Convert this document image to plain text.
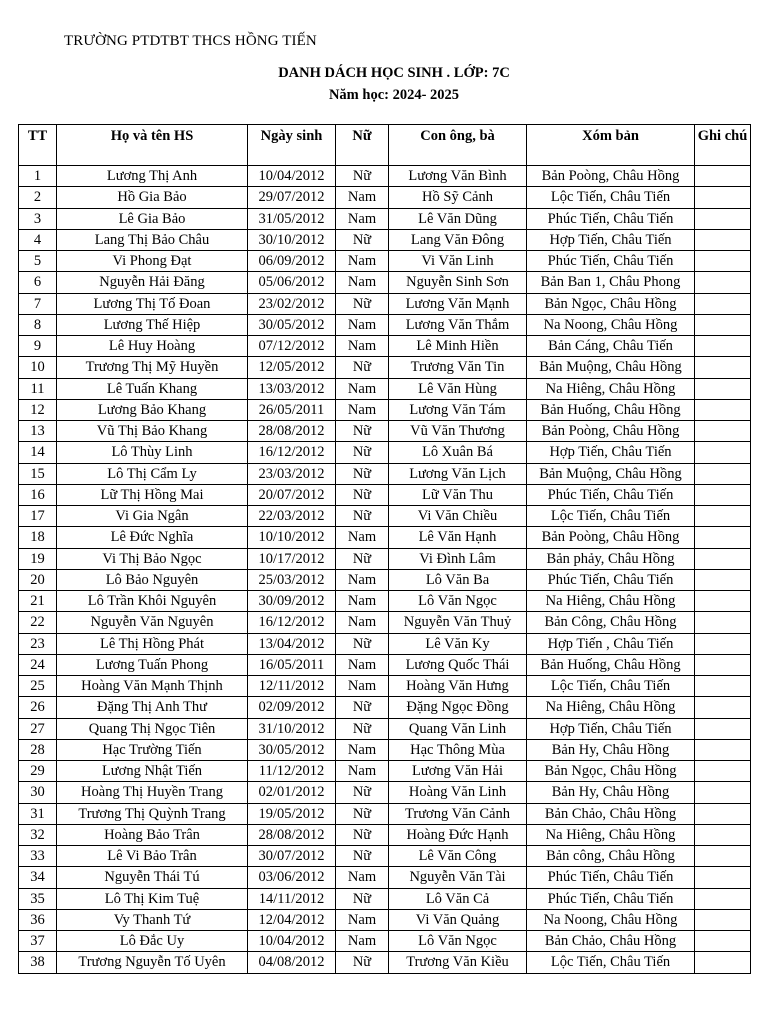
TRƯỜNG PTDTBT THCS HỒNG TIẾN
DANH DÁCH HỌC SINH . LỚP: 7C
Năm học: 2024- 2025
TT	Họ và tên HS	Ngày sinh	Nữ	Con ông, bà	Xóm bản	Ghi chú
1	Lương Thị Anh	10/04/2012	Nữ	Lương Văn Bình	Bản Poòng, Châu Hồng	
2	Hồ Gia Bảo	29/07/2012	Nam	Hồ Sỹ Cảnh	Lộc Tiến, Châu Tiến	
3	Lê Gia Bảo	31/05/2012	Nam	Lê Văn Dũng	Phúc Tiến, Châu Tiến	
4	Lang Thị Bảo Châu	30/10/2012	Nữ	Lang Văn Đông	Hợp Tiến, Châu Tiến	
5	Vi Phong Đạt	06/09/2012	Nam	Vi Văn Linh	Phúc Tiến, Châu Tiến	
6	Nguyễn Hải Đăng	05/06/2012	Nam	Nguyễn Sinh Sơn	Bản Ban 1, Châu Phong	
7	Lương Thị Tố Đoan	23/02/2012	Nữ	Lương Văn Mạnh	Bản Ngọc, Châu Hồng	
8	Lương Thế Hiệp	30/05/2012	Nam	Lương Văn Thắm	Na Noong, Châu Hồng	
9	Lê Huy Hoàng	07/12/2012	Nam	Lê Minh Hiền	Bản Cáng, Châu Tiến	
10	Trương Thị Mỹ Huyền	12/05/2012	Nữ	Trương Văn Tin	Bản Muộng, Châu Hồng	
11	Lê Tuấn Khang	13/03/2012	Nam	Lê Văn Hùng	Na Hiêng, Châu Hồng	
12	Lương Bảo Khang	26/05/2011	Nam	Lương Văn Tám	Bản Huống, Châu Hồng	
13	Vũ Thị Bảo Khang	28/08/2012	Nữ	Vũ Văn Thương	Bản Poòng, Châu Hồng	
14	Lô Thùy Linh	16/12/2012	Nữ	Lô Xuân Bá	Hợp Tiến, Châu Tiến	
15	Lô Thị Cẩm Ly	23/03/2012	Nữ	Lương Văn Lịch	Bản Muộng, Châu Hồng	
16	Lữ Thị Hồng Mai	20/07/2012	Nữ	Lữ Văn Thu	Phúc Tiến, Châu Tiến	
17	Vi Gia Ngân	22/03/2012	Nữ	Vi Văn Chiều	Lộc Tiến, Châu Tiến	
18	Lê Đức Nghĩa	10/10/2012	Nam	Lê Văn Hạnh	Bản Poòng, Châu Hồng	
19	Vi Thị Bảo Ngọc	10/17/2012	Nữ	Vi Đình Lâm	Bản phảy, Châu Hồng	
20	Lô Bảo Nguyên	25/03/2012	Nam	Lô Văn Ba	Phúc Tiến, Châu Tiến	
21	Lô Trần Khôi Nguyên	30/09/2012	Nam	Lô Văn Ngọc	Na Hiêng, Châu Hồng	
22	Nguyễn Văn Nguyên	16/12/2012	Nam	Nguyễn Văn Thuỷ	Bản Công, Châu Hồng	
23	Lê Thị Hồng Phát	13/04/2012	Nữ	Lê Văn Ky	Hợp Tiến , Châu Tiến	
24	Lương Tuấn Phong	16/05/2011	Nam	Lương Quốc Thái	Bản Huống, Châu Hồng	
25	Hoàng Văn Mạnh Thịnh	12/11/2012	Nam	Hoàng Văn Hưng	Lộc Tiến, Châu Tiến	
26	Đặng Thị Anh Thư	02/09/2012	Nữ	Đặng Ngọc Đồng	Na Hiêng, Châu Hồng	
27	Quang Thị Ngọc Tiên	31/10/2012	Nữ	Quang Văn Linh	Hợp Tiến, Châu Tiến	
28	Hạc Trường Tiến	30/05/2012	Nam	Hạc Thông Mùa	Bản Hy, Châu Hồng	
29	Lương Nhật Tiến	11/12/2012	Nam	Lương Văn Hải	Bản Ngọc, Châu Hồng	
30	Hoàng Thị Huyền Trang	02/01/2012	Nữ	Hoàng Văn Linh	Bản Hy, Châu Hồng	
31	Trương Thị Quỳnh Trang	19/05/2012	Nữ	Trương Văn Cảnh	Bản Chảo, Châu Hồng	
32	Hoàng Bảo Trân	28/08/2012	Nữ	Hoàng Đức Hạnh	Na Hiêng, Châu Hồng	
33	Lê Vi Bảo Trân	30/07/2012	Nữ	Lê Văn Công	Bản công, Châu Hồng	
34	Nguyễn Thái Tú	03/06/2012	Nam	Nguyễn Văn Tài	Phúc Tiến, Châu Tiến	
35	Lô Thị Kim Tuệ	14/11/2012	Nữ	Lô Văn Cả	Phúc Tiến, Châu Tiến	
36	Vy Thanh Tứ	12/04/2012	Nam	Vi Văn Quảng	Na Noong, Châu Hồng	
37	Lô Đắc Uy	10/04/2012	Nam	Lô Văn Ngọc	Bản Chảo, Châu Hồng	
38	Trương Nguyễn Tố Uyên	04/08/2012	Nữ	Trương Văn Kiều	Lộc Tiến, Châu Tiến	
